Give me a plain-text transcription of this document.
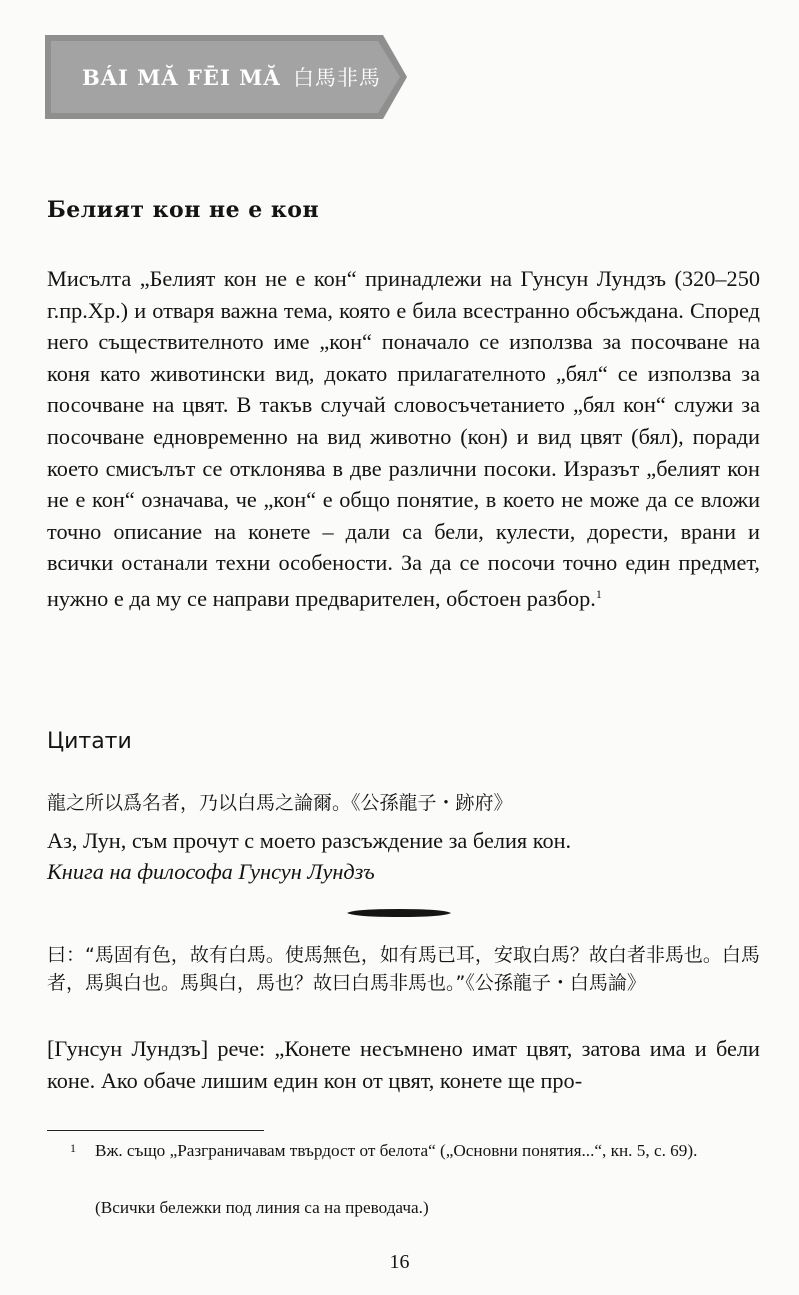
BÁI MĂ FĒI MĂ 白馬非馬
Белият кон не е кон
Мисълта „Белият кон не е кон“ принадлежи на Гунсун Лундзъ (320–250 г.пр.Хр.) и отваря важна тема, която е била всестранно обсъждана. Според него съществителното име „кон“ поначало се използва за посочване на коня като животински вид, докато прилагателното „бял“ се използва за посочване на цвят. В такъв случай словосъчетанието „бял кон“ служи за посочване едновременно на вид животно (кон) и вид цвят (бял), поради което смисълът се отклонява в две различни посоки. Изразът „белият кон не е кон“ означава, че „кон“ е общо понятие, в което не може да се вложи точно описание на конете – дали са бели, кулести, дорести, врани и всички останали техни особености. За да се посочи точно един предмет, нужно е да му се направи предварителен, обстоен разбор.$^1$
Цитати
龍之所以爲名者，乃以白馬之論爾。《公孫龍子・跡府》
Аз, Лун, съм прочут с моето разсъждение за белия кон.
Книга на философа Гунсун Лундзъ
曰：“馬固有色，故有白馬。使馬無色，如有馬已耳，安取白馬？故白者非馬也。白馬者，馬與白也。馬與白，馬也？故曰白馬非馬也。”《公孫龍子・白馬論》
[Гунсун Лундзъ] рече: „Конете несъмнено имат цвят, затова има и бели коне. Ако обаче лишим един кон от цвят, конете ще про-
1 Вж. също „Разграничавам твърдост от белота“ („Основни понятия...“, кн. 5, с. 69).
(Всички бележки под линия са на преводача.)
16
